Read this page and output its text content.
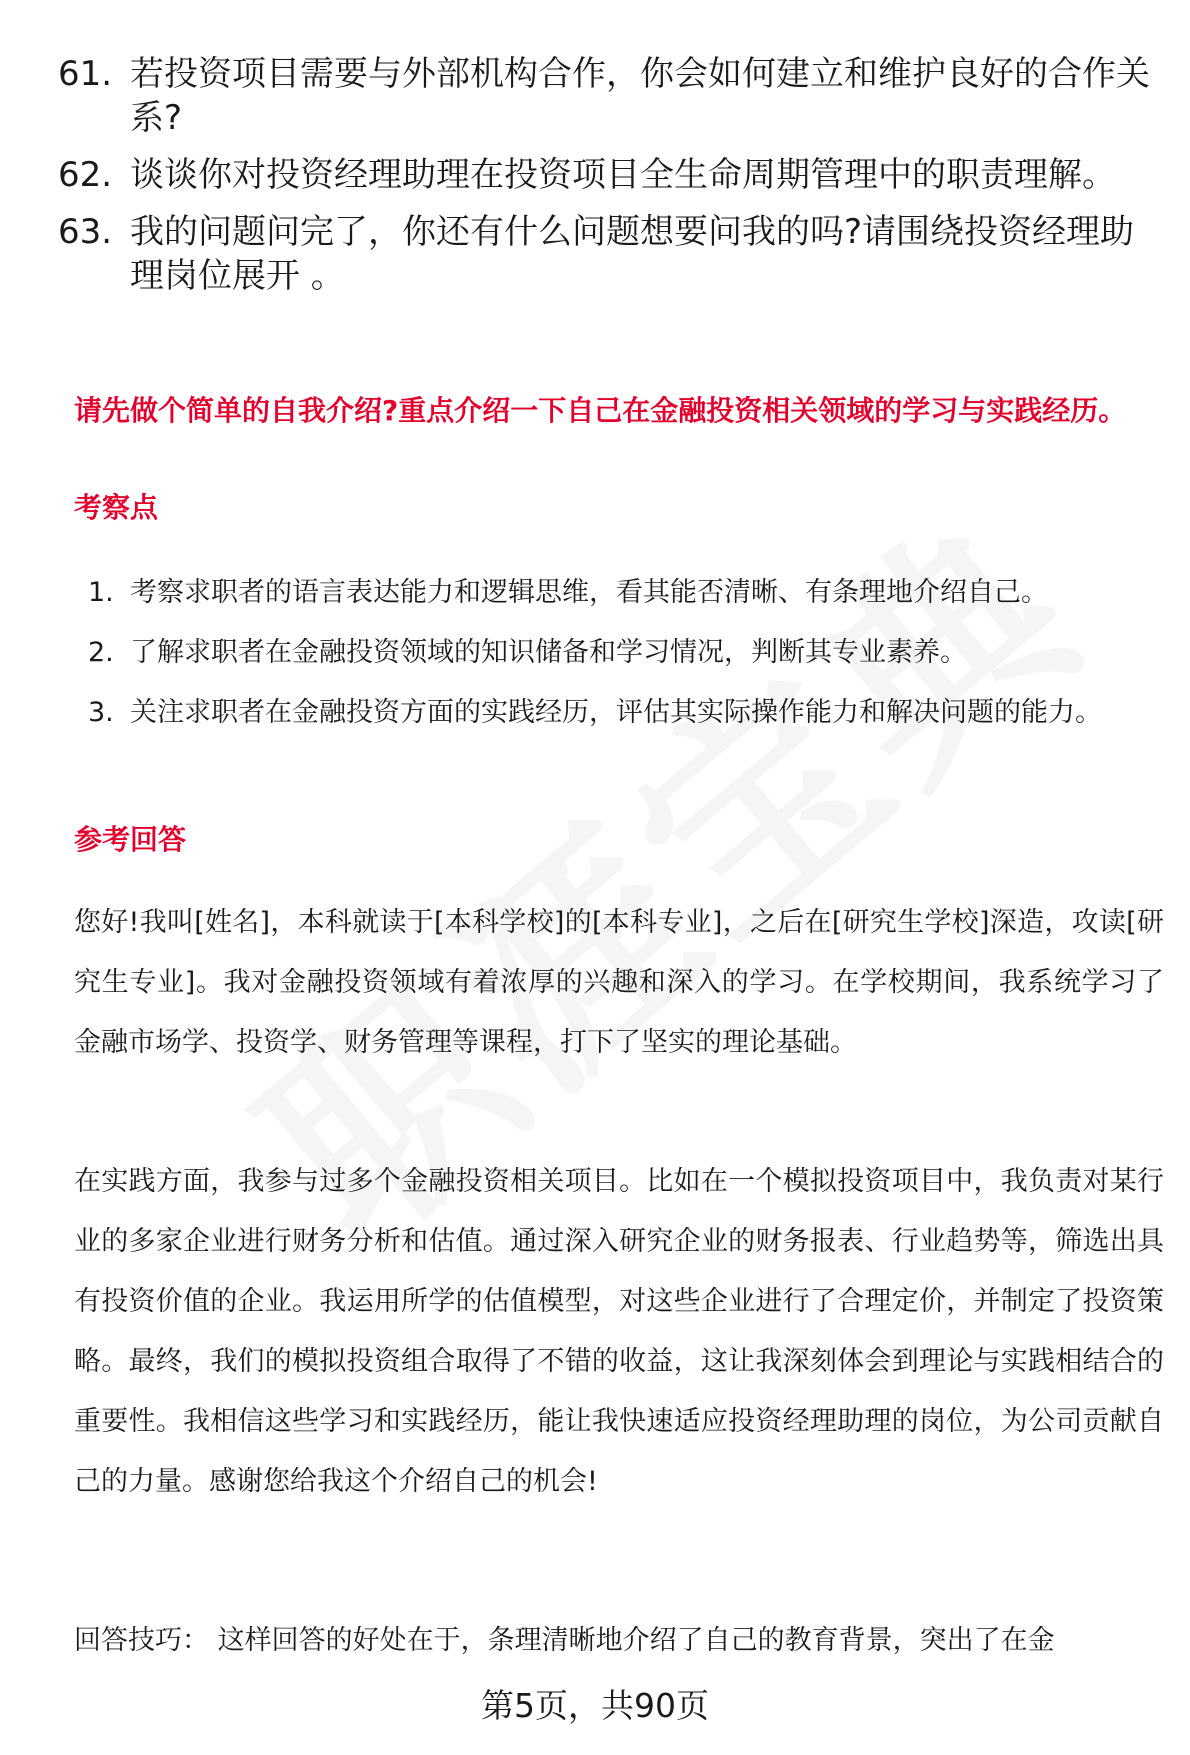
61. 若投资项目需要与外部机构合作，你会如何建立和维护良好的合作关系?
62. 谈谈你对投资经理助理在投资项目全生命周期管理中的职责理解。
63. 我的问题问完了，你还有什么问题想要问我的吗?请围绕投资经理助理岗位展开 。
请先做个简单的自我介绍?重点介绍一下自己在金融投资相关领域的学习与实践经历。
考察点
1. 考察求职者的语言表达能力和逻辑思维，看其能否清晰、有条理地介绍自己。
2. 了解求职者在金融投资领域的知识储备和学习情况，判断其专业素养。
3. 关注求职者在金融投资方面的实践经历，评估其实际操作能力和解决问题的能力。
参考回答
您好!我叫[姓名]，本科就读于[本科学校]的[本科专业]，之后在[研究生学校]深造，攻读[研究生专业]。我对金融投资领域有着浓厚的兴趣和深入的学习。在学校期间，我系统学习了金融市场学、投资学、财务管理等课程，打下了坚实的理论基础。
在实践方面，我参与过多个金融投资相关项目。比如在一个模拟投资项目中，我负责对某行业的多家企业进行财务分析和估值。通过深入研究企业的财务报表、行业趋势等，筛选出具有投资价值的企业。我运用所学的估值模型，对这些企业进行了合理定价，并制定了投资策略。最终，我们的模拟投资组合取得了不错的收益，这让我深刻体会到理论与实践相结合的重要性。我相信这些学习和实践经历，能让我快速适应投资经理助理的岗位，为公司贡献自己的力量。感谢您给我这个介绍自己的机会!
回答技巧： 这样回答的好处在于，条理清晰地介绍了自己的教育背景，突出了在金
第5页，共90页
